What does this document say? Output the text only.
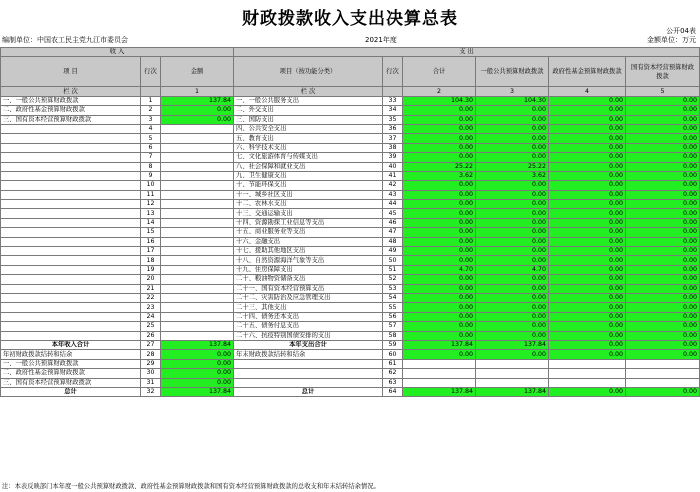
财政拨款收入支出决算总表
公开04表
编制单位：中国农工民主党九江市委员会	2021年度	金额单位：万元
收 入			支 出					
项 目	行次	金额	项目（按功能分类）	行次	合计	一般公共预算财政拨款	政府性基金预算财政拨款	国有资本经营预算财政拨款
栏 次		1	栏 次		2	3	4	5
一、一般公共预算财政拨款	1	137.84	一、一般公共服务支出	33	104.30	104.30	0.00	0.00
二、政府性基金预算财政拨款	2	0.00	二、外交支出	34	0.00	0.00	0.00	0.00
三、国有资本经营预算财政拨款	3	0.00	三、国防支出	35	0.00	0.00	0.00	0.00
	4		四、公共安全支出	36	0.00	0.00	0.00	0.00
	5		五、教育支出	37	0.00	0.00	0.00	0.00
	6		六、科学技术支出	38	0.00	0.00	0.00	0.00
	7		七、文化旅游体育与传媒支出	39	0.00	0.00	0.00	0.00
	8		八、社会保障和就业支出	40	25.22	25.22	0.00	0.00
	9		九、卫生健康支出	41	3.62	3.62	0.00	0.00
	10		十、节能环保支出	42	0.00	0.00	0.00	0.00
	11		十一、城乡社区支出	43	0.00	0.00	0.00	0.00
	12		十二、农林水支出	44	0.00	0.00	0.00	0.00
	13		十三、交通运输支出	45	0.00	0.00	0.00	0.00
	14		十四、资源勘探工业信息等支出	46	0.00	0.00	0.00	0.00
	15		十五、商业服务业等支出	47	0.00	0.00	0.00	0.00
	16		十六、金融支出	48	0.00	0.00	0.00	0.00
	17		十七、援助其他地区支出	49	0.00	0.00	0.00	0.00
	18		十八、自然资源海洋气象等支出	50	0.00	0.00	0.00	0.00
	19		十九、住房保障支出	51	4.70	4.70	0.00	0.00
	20		二十、粮油物资储备支出	52	0.00	0.00	0.00	0.00
	21		二十一、国有资本经营预算支出	53	0.00	0.00	0.00	0.00
	22		二十二、灾害防治及应急管理支出	54	0.00	0.00	0.00	0.00
	23		二十三、其他支出	55	0.00	0.00	0.00	0.00
	24		二十四、债务还本支出	56	0.00	0.00	0.00	0.00
	25		二十五、债务付息支出	57	0.00	0.00	0.00	0.00
	26		二十六、抗疫特别国债安排的支出	58	0.00	0.00	0.00	0.00
本年收入合计	27	137.84	本年支出合计	59	137.84	137.84	0.00	0.00
年初财政拨款结转和结余	28	0.00	年末财政拨款结转和结余	60	0.00	0.00	0.00	0.00
一、一般公共预算财政拨款	29	0.00		61				
二、政府性基金预算财政拨款	30	0.00		62				
三、国有资本经营预算财政拨款	31	0.00		63				
总计	32	137.84	总计	64	137.84	137.84	0.00	0.00
注：本表反映部门本年度一般公共预算财政拨款、政府性基金预算财政拨款和国有资本经营预算财政拨款的总收支和年末结转结余情况。
